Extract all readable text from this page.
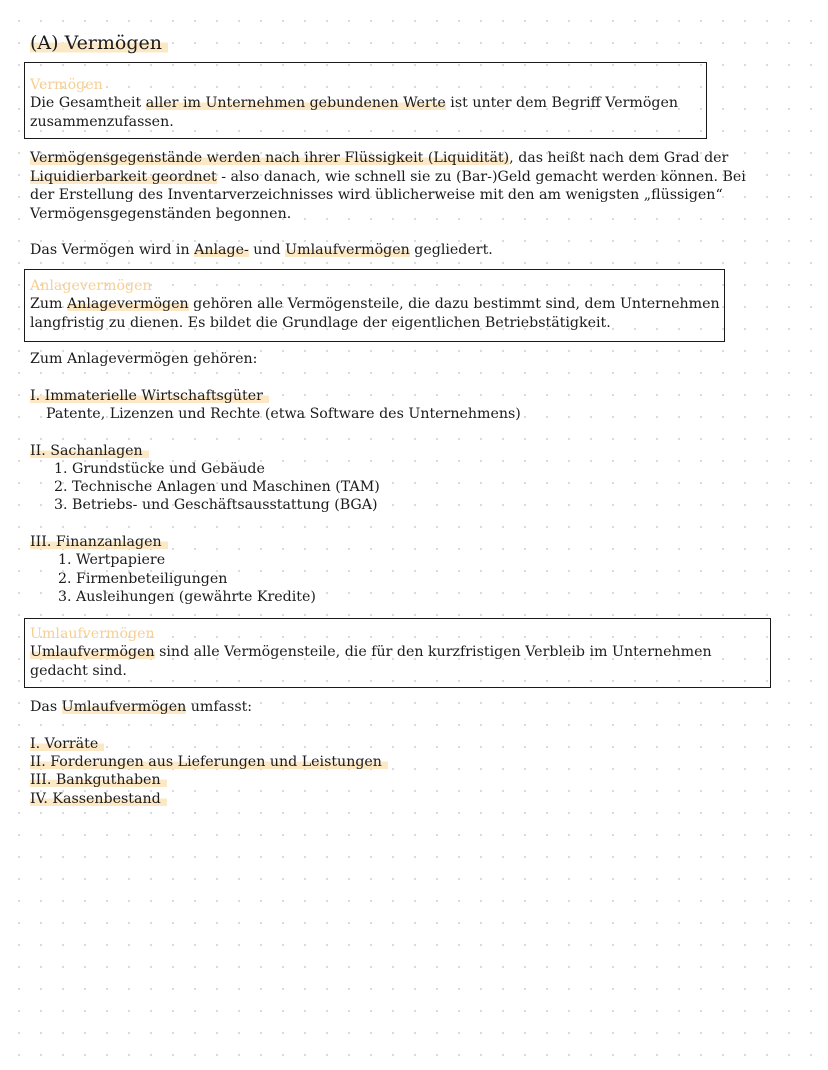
(A) Vermögen
Vermögen
Die Gesamtheit aller im Unternehmen gebundenen Werte ist unter dem Begriff Vermögen
zusammenzufassen.
Vermögensgegenstände werden nach ihrer Flüssigkeit (Liquidität), das heißt nach dem Grad der
Liquidierbarkeit geordnet - also danach, wie schnell sie zu (Bar-)Geld gemacht werden können. Bei
der Erstellung des Inventarverzeichnisses wird üblicherweise mit den am wenigsten „flüssigen“
Vermögensgegenständen begonnen.
Das Vermögen wird in Anlage- und Umlaufvermögen gegliedert.
Anlagevermögen
Zum Anlagevermögen gehören alle Vermögensteile, die dazu bestimmt sind, dem Unternehmen
langfristig zu dienen. Es bildet die Grundlage der eigentlichen Betriebstätigkeit.
Zum Anlagevermögen gehören:
I. Immaterielle Wirtschaftsgüter
Patente, Lizenzen und Rechte (etwa Software des Unternehmens)
II. Sachanlagen
1. Grundstücke und Gebäude
2. Technische Anlagen und Maschinen (TAM)
3. Betriebs- und Geschäftsausstattung (BGA)
III. Finanzanlagen
1. Wertpapiere
2. Firmenbeteiligungen
3. Ausleihungen (gewährte Kredite)
Umlaufvermögen
Umlaufvermögen sind alle Vermögensteile, die für den kurzfristigen Verbleib im Unternehmen
gedacht sind.
Das Umlaufvermögen umfasst:
I. Vorräte
II. Forderungen aus Lieferungen und Leistungen
III. Bankguthaben
IV. Kassenbestand
